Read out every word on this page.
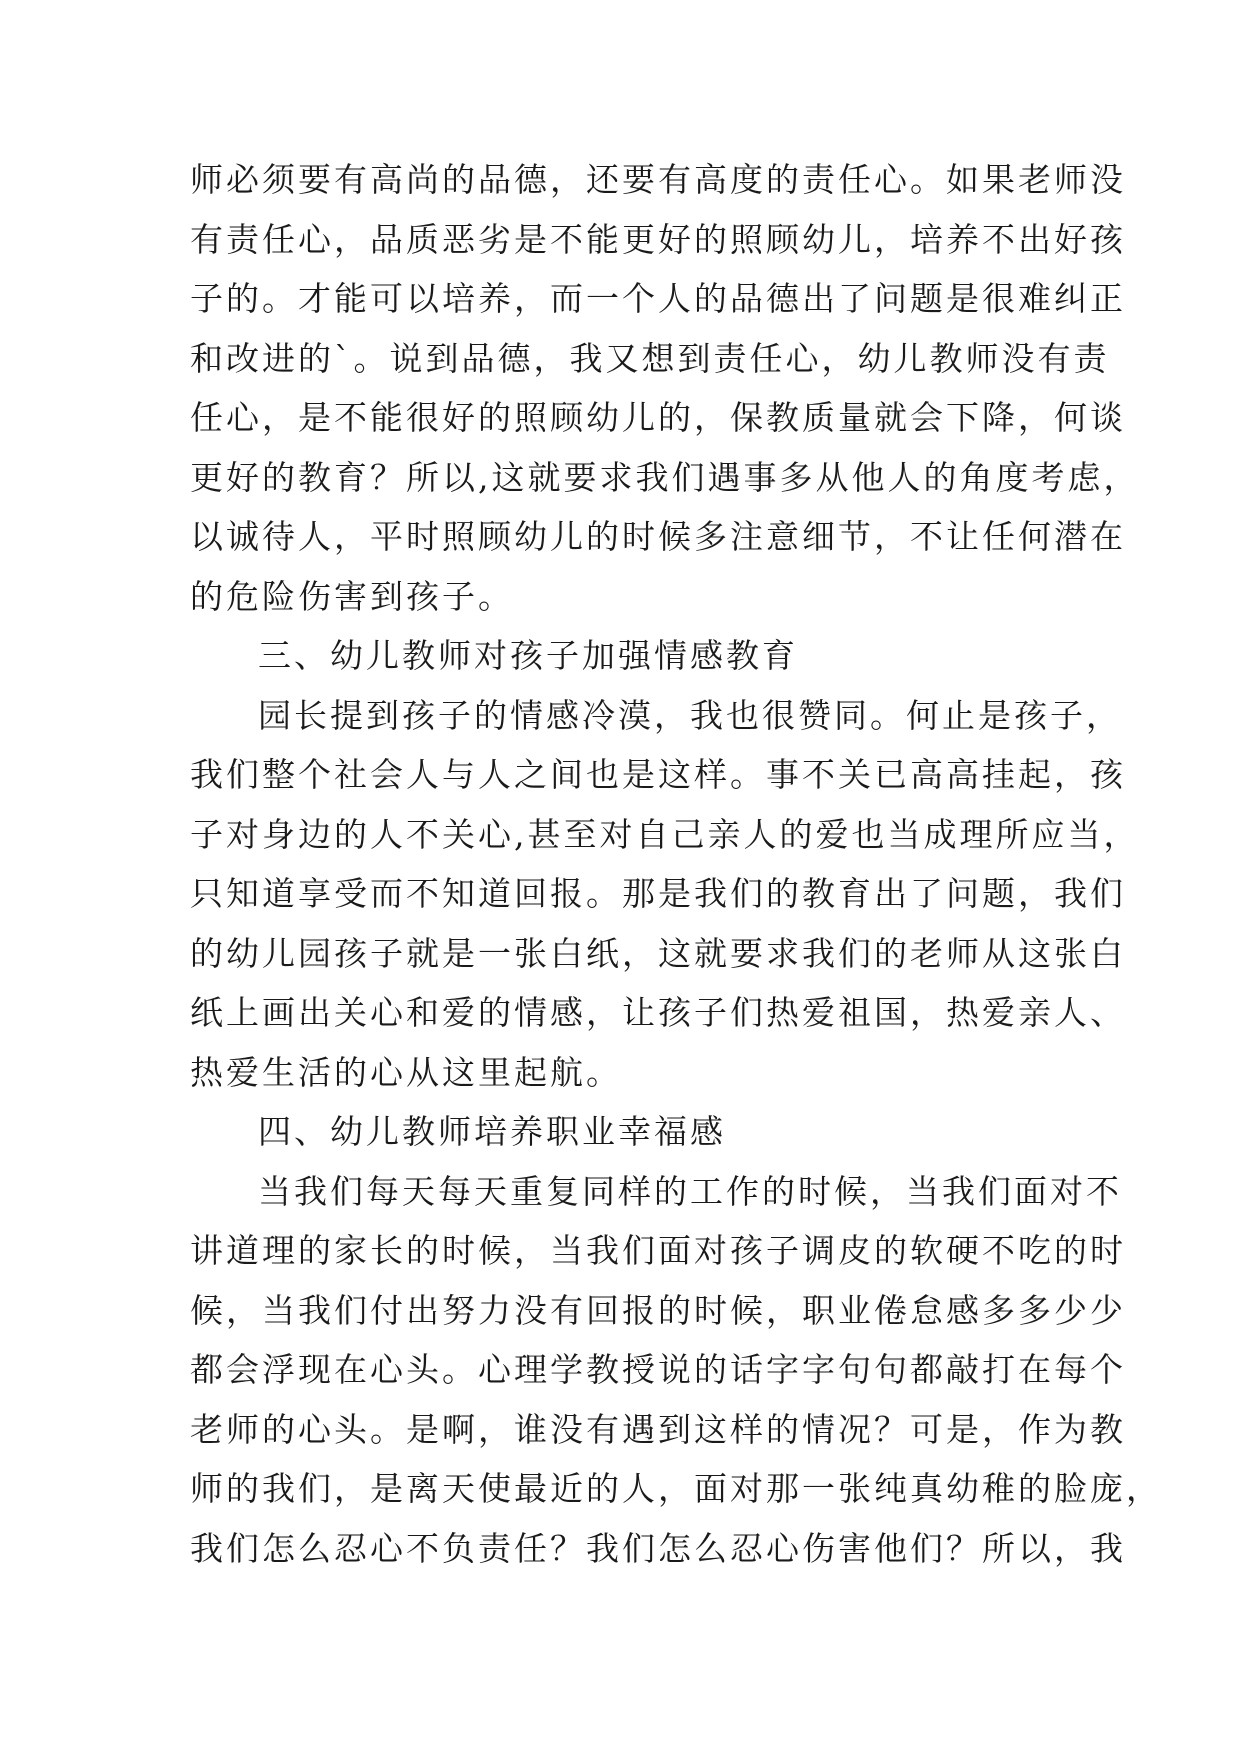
师必须要有高尚的品德，还要有高度的责任心。如果老师没
有责任心，品质恶劣是不能更好的照顾幼儿，培养不出好孩
子的。才能可以培养，而一个人的品德出了问题是很难纠正
和改进的`。说到品德，我又想到责任心，幼儿教师没有责
任心，是不能很好的照顾幼儿的，保教质量就会下降，何谈
更好的教育？所以,这就要求我们遇事多从他人的角度考虑，
以诚待人，平时照顾幼儿的时候多注意细节，不让任何潜在
的危险伤害到孩子。
三、幼儿教师对孩子加强情感教育
园长提到孩子的情感冷漠，我也很赞同。何止是孩子，
我们整个社会人与人之间也是这样。事不关已高高挂起，孩
子对身边的人不关心,甚至对自己亲人的爱也当成理所应当，
只知道享受而不知道回报。那是我们的教育出了问题，我们
的幼儿园孩子就是一张白纸，这就要求我们的老师从这张白
纸上画出关心和爱的情感，让孩子们热爱祖国，热爱亲人、
热爱生活的心从这里起航。
四、幼儿教师培养职业幸福感
当我们每天每天重复同样的工作的时候，当我们面对不
讲道理的家长的时候，当我们面对孩子调皮的软硬不吃的时
候，当我们付出努力没有回报的时候，职业倦怠感多多少少
都会浮现在心头。心理学教授说的话字字句句都敲打在每个
老师的心头。是啊，谁没有遇到这样的情况？可是，作为教
师的我们，是离天使最近的人，面对那一张纯真幼稚的脸庞，
我们怎么忍心不负责任？我们怎么忍心伤害他们？所以，我
